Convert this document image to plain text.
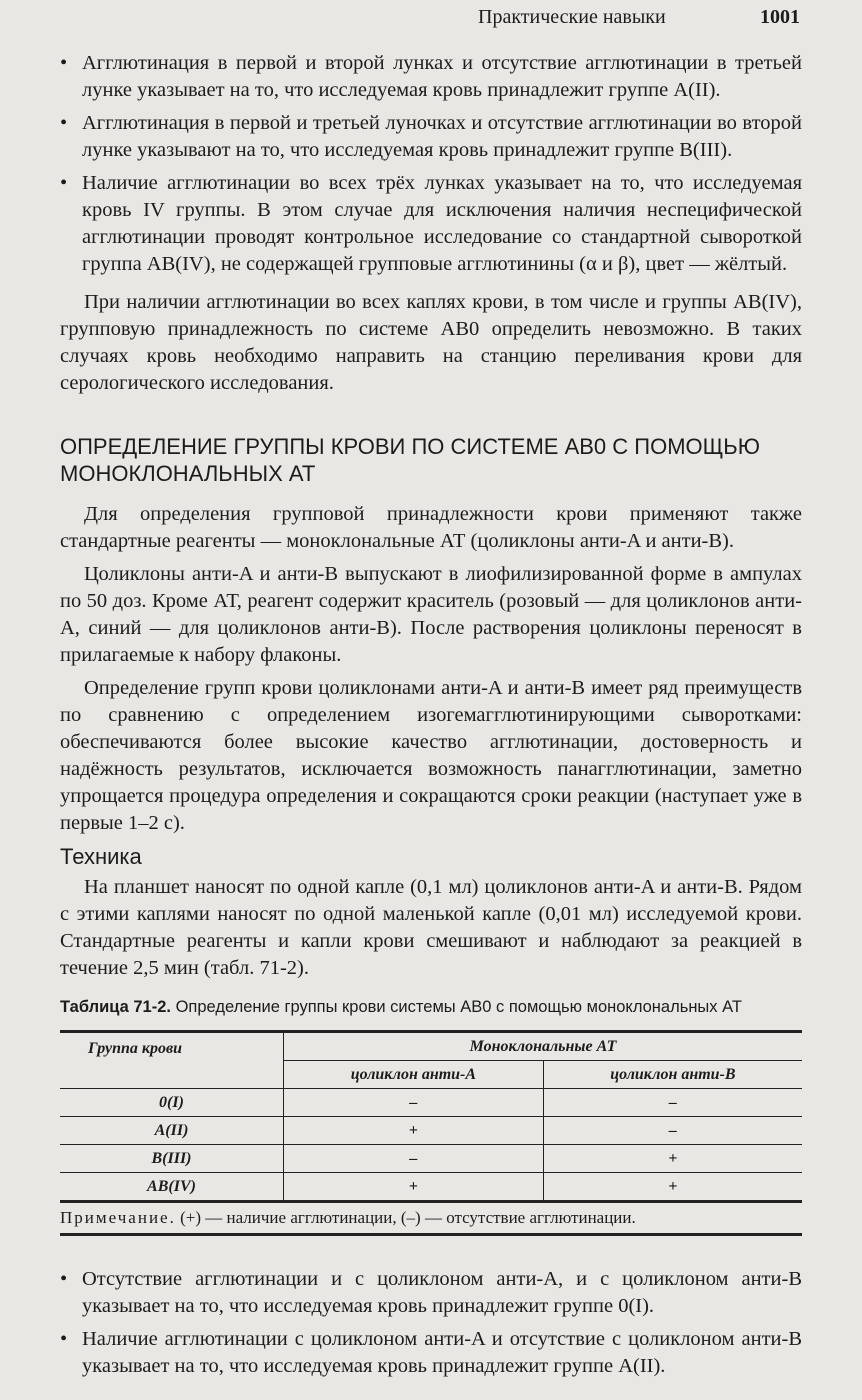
Практические навыки	1001

• Агглютинация в первой и второй лунках и отсутствие агглютинации в третьей лунке указывает на то, что исследуемая кровь принадлежит группе A(II).

• Агглютинация в первой и третьей луночках и отсутствие агглютинации во второй лунке указывают на то, что исследуемая кровь принадлежит группе B(III).

• Наличие агглютинации во всех трёх лунках указывает на то, что исследуемая кровь IV группы. В этом случае для исключения наличия неспецифической агглютинации проводят контрольное исследование со стандартной сывороткой группа AB(IV), не содержащей групповые агглютинины (α и β), цвет — жёлтый.

При наличии агглютинации во всех каплях крови, в том числе и группы AB(IV), групповую принадлежность по системе AB0 определить невозможно. В таких случаях кровь необходимо направить на станцию переливания крови для серологического исследования.

ОПРЕДЕЛЕНИЕ ГРУППЫ КРОВИ ПО СИСТЕМЕ AB0 С ПОМОЩЬЮ МОНОКЛОНАЛЬНЫХ АТ

Для определения групповой принадлежности крови применяют также стандартные реагенты — моноклональные АТ (цоликлоны анти-A и анти-B).

Цоликлоны анти-A и анти-B выпускают в лиофилизированной форме в ампулах по 50 доз. Кроме АТ, реагент содержит краситель (розовый — для цоликлонов анти-A, синий — для цоликлонов анти-B). После растворения цоликлоны переносят в прилагаемые к набору флаконы.

Определение групп крови цоликлонами анти-A и анти-B имеет ряд преимуществ по сравнению с определением изогемагглютинирующими сыворотками: обеспечиваются более высокие качество агглютинации, достоверность и надёжность результатов, исключается возможность панагглютинации, заметно упрощается процедура определения и сокращаются сроки реакции (наступает уже в первые 1–2 с).

Техника

На планшет наносят по одной капле (0,1 мл) цоликлонов анти-A и анти-B. Рядом с этими каплями наносят по одной маленькой капле (0,01 мл) исследуемой крови. Стандартные реагенты и капли крови смешивают и наблюдают за реакцией в течение 2,5 мин (табл. 71-2).

Таблица 71-2. Определение группы крови системы AB0 с помощью моноклональных АТ
Группа крови	Моноклональные АТ	
	цоликлон анти-A	цоликлон анти-B
0(I)	–	–
A(II)	+	–
B(III)	–	+
AB(IV)	+	+
Примечание. (+) — наличие агглютинации, (–) — отсутствие агглютинации.		

• Отсутствие агглютинации и с цоликлоном анти-A, и с цоликлоном анти-B указывает на то, что исследуемая кровь принадлежит группе 0(I).

• Наличие агглютинации с цоликлоном анти-A и отсутствие с цоликлоном анти-B указывает на то, что исследуемая кровь принадлежит группе A(II).
